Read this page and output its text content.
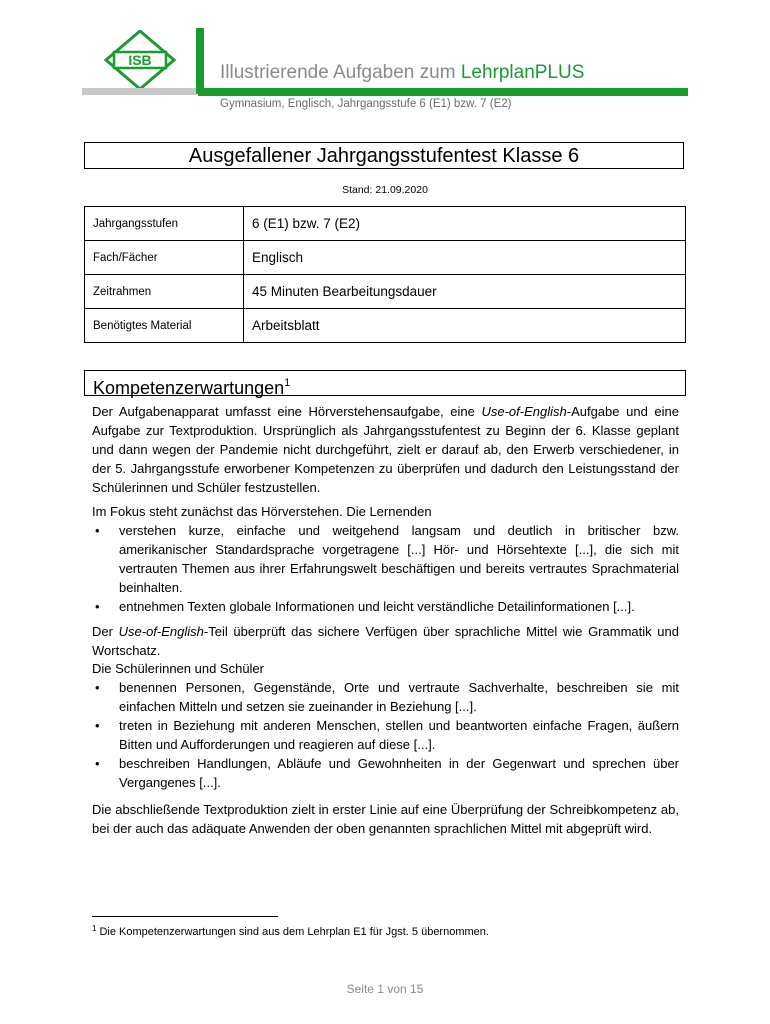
ISB
Illustrierende Aufgaben zum LehrplanPLUS
Gymnasium, Englisch, Jahrgangsstufe 6 (E1) bzw. 7 (E2)
Ausgefallener Jahrgangsstufentest Klasse 6
Stand: 21.09.2020
Jahrgangsstufen	6 (E1) bzw. 7 (E2)
Fach/Fächer	Englisch
Zeitrahmen	45 Minuten Bearbeitungsdauer
Benötigtes Material	Arbeitsblatt
Kompetenzerwartungen$^1$
Der Aufgabenapparat umfasst eine Hörverstehensaufgabe, eine Use-of-English-Aufgabe und eine Aufgabe zur Textproduktion. Ursprünglich als Jahrgangsstufentest zu Beginn der 6. Klasse geplant und dann wegen der Pandemie nicht durchgeführt, zielt er darauf ab, den Erwerb verschiedener, in der 5. Jahrgangsstufe erworbener Kompetenzen zu überprüfen und dadurch den Leistungsstand der Schülerinnen und Schüler festzustellen.
Im Fokus steht zunächst das Hörverstehen. Die Lernenden
• verstehen kurze, einfache und weitgehend langsam und deutlich in britischer bzw. amerikanischer Standardsprache vorgetragene [...] Hör- und Hörsehtexte [...], die sich mit vertrauten Themen aus ihrer Erfahrungswelt beschäftigen und bereits vertrautes Sprachmaterial beinhalten.
• entnehmen Texten globale Informationen und leicht verständliche Detailinformationen [...].
Der Use-of-English-Teil überprüft das sichere Verfügen über sprachliche Mittel wie Grammatik und Wortschatz.
Die Schülerinnen und Schüler
• benennen Personen, Gegenstände, Orte und vertraute Sachverhalte, beschreiben sie mit einfachen Mitteln und setzen sie zueinander in Beziehung [...].
• treten in Beziehung mit anderen Menschen, stellen und beantworten einfache Fragen, äußern Bitten und Aufforderungen und reagieren auf diese [...].
• beschreiben Handlungen, Abläufe und Gewohnheiten in der Gegenwart und sprechen über Vergangenes [...].
Die abschließende Textproduktion zielt in erster Linie auf eine Überprüfung der Schreibkompetenz ab, bei der auch das adäquate Anwenden der oben genannten sprachlichen Mittel mit abgeprüft wird.
$^1$ Die Kompetenzerwartungen sind aus dem Lehrplan E1 für Jgst. 5 übernommen.
Seite 1 von 15
